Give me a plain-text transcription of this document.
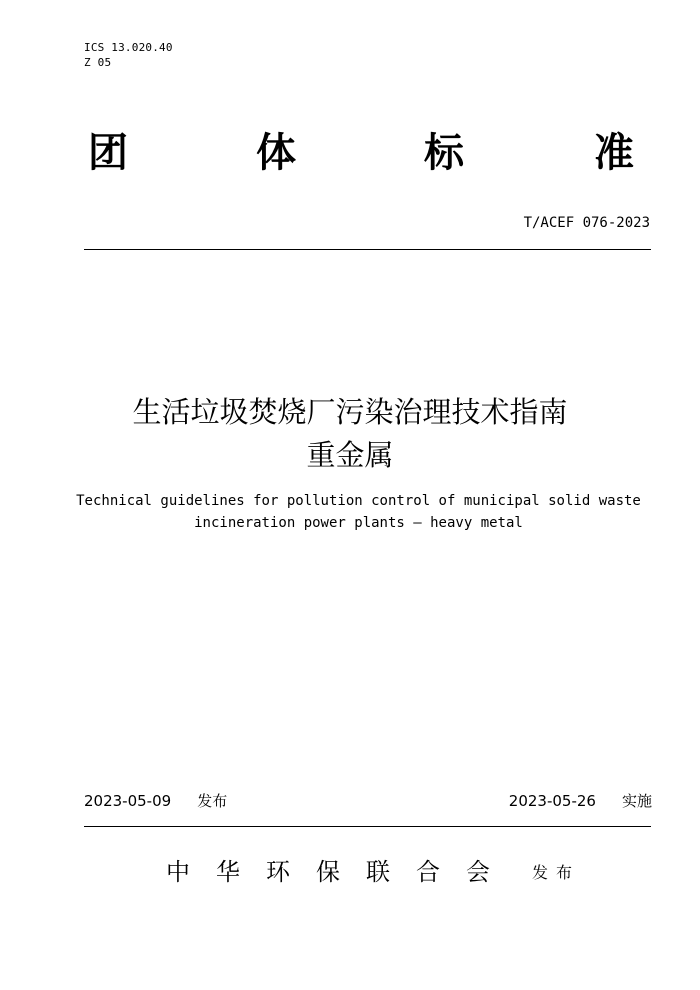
ICS 13.020.40
Z 05
团	体	标	准
T/ACEF 076-2023
生活垃圾焚烧厂污染治理技术指南
重金属
Technical guidelines for pollution control of municipal solid waste
incineration power plants — heavy metal
2023-05-09 发布	2023-05-26 实施
中华环保联合会 发布
